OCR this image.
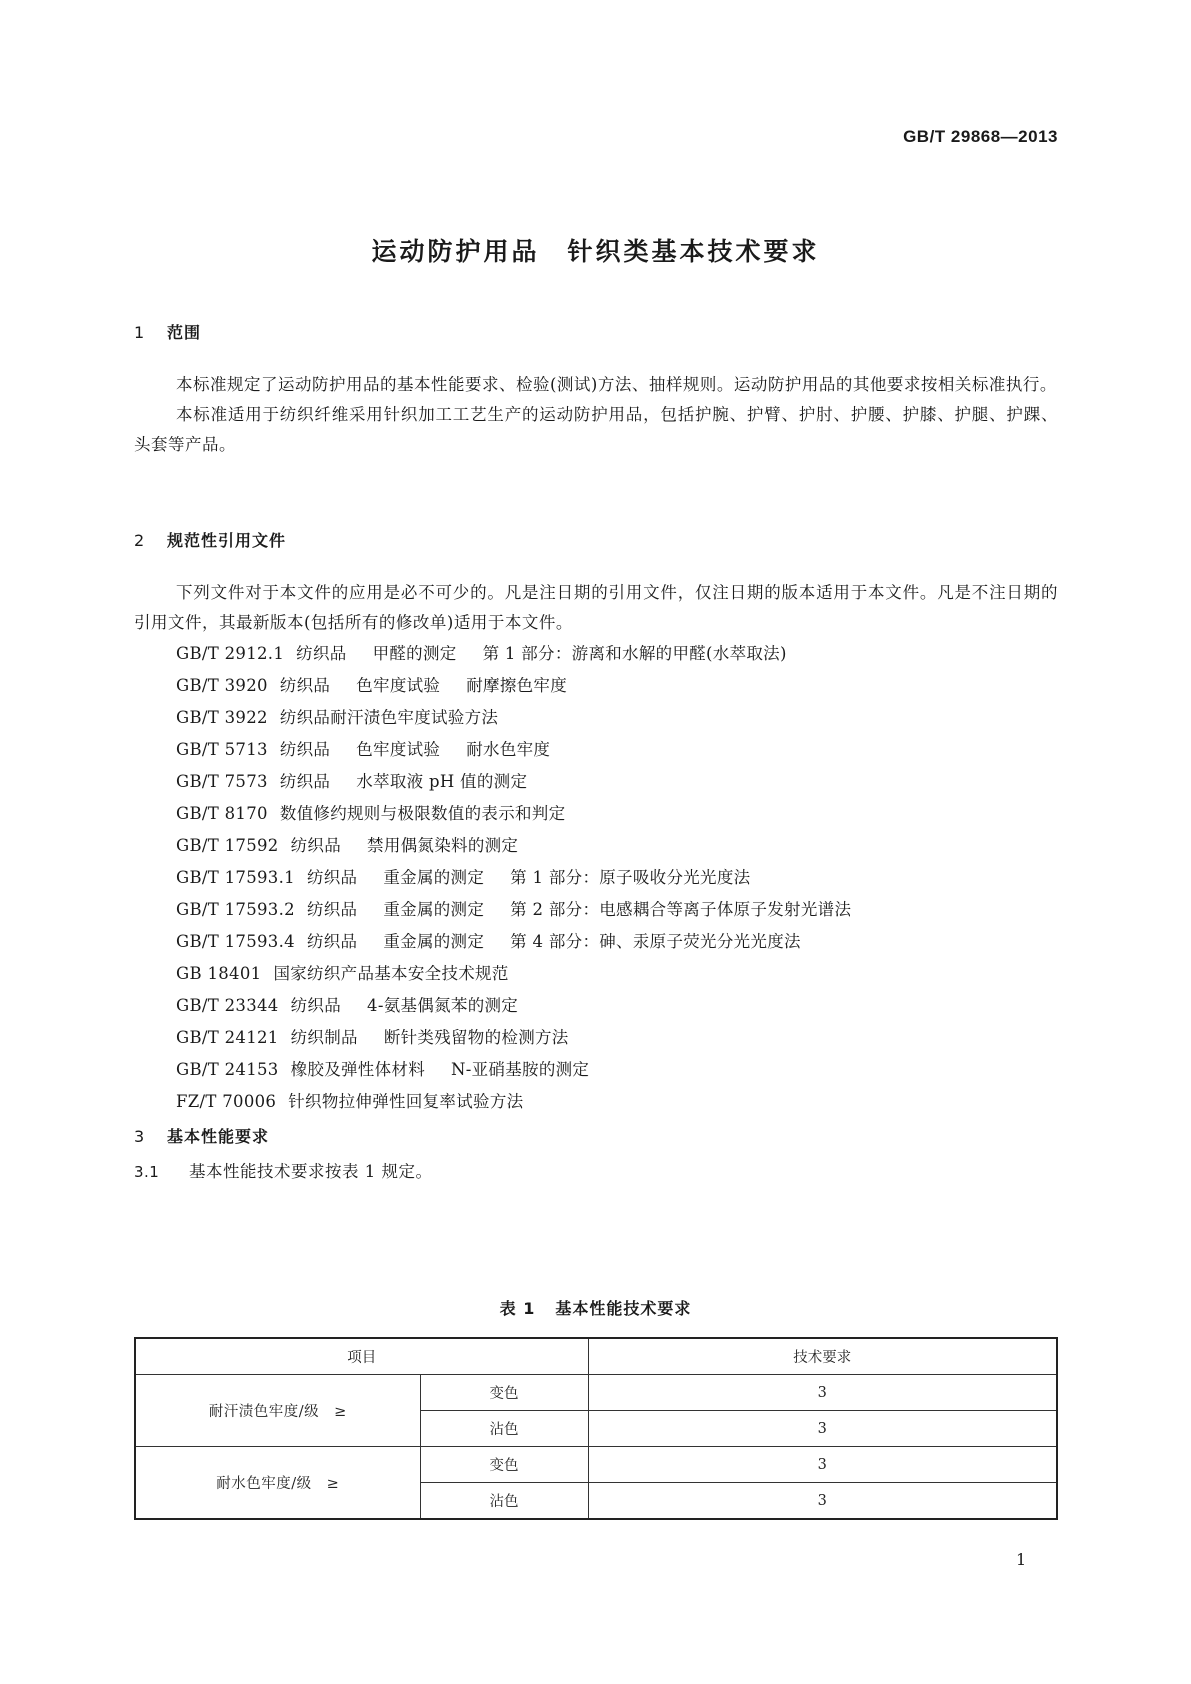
GB/T 29868—2013
运动防护用品　针织类基本技术要求
1 范围

本标准规定了运动防护用品的基本性能要求、检验(测试)方法、抽样规则。运动防护用品的其他要求按相关标准执行。

本标准适用于纺织纤维采用针织加工工艺生产的运动防护用品，包括护腕、护臂、护肘、护腰、护膝、护腿、护踝、头套等产品。

2 规范性引用文件

下列文件对于本文件的应用是必不可少的。凡是注日期的引用文件，仅注日期的版本适用于本文件。凡是不注日期的引用文件，其最新版本(包括所有的修改单)适用于本文件。

GB/T 2912.1 纺织品 甲醛的测定 第 1 部分：游离和水解的甲醛(水萃取法)
GB/T 3920 纺织品 色牢度试验 耐摩擦色牢度
GB/T 3922 纺织品耐汗渍色牢度试验方法
GB/T 5713 纺织品 色牢度试验 耐水色牢度
GB/T 7573 纺织品 水萃取液 pH 值的测定
GB/T 8170 数值修约规则与极限数值的表示和判定
GB/T 17592 纺织品 禁用偶氮染料的测定
GB/T 17593.1 纺织品 重金属的测定 第 1 部分：原子吸收分光光度法
GB/T 17593.2 纺织品 重金属的测定 第 2 部分：电感耦合等离子体原子发射光谱法
GB/T 17593.4 纺织品 重金属的测定 第 4 部分：砷、汞原子荧光分光光度法
GB 18401 国家纺织产品基本安全技术规范
GB/T 23344 纺织品 4-氨基偶氮苯的测定
GB/T 24121 纺织制品 断针类残留物的检测方法
GB/T 24153 橡胶及弹性体材料 N-亚硝基胺的测定
FZ/T 70006 针织物拉伸弹性回复率试验方法
3 基本性能要求
3.1 基本性能技术要求按表 1 规定。
表 1 基本性能技术要求
项目		技术要求
耐汗渍色牢度/级　≥	变色	3
	沾色	3
耐水色牢度/级　≥	变色	3
	沾色	3
1
